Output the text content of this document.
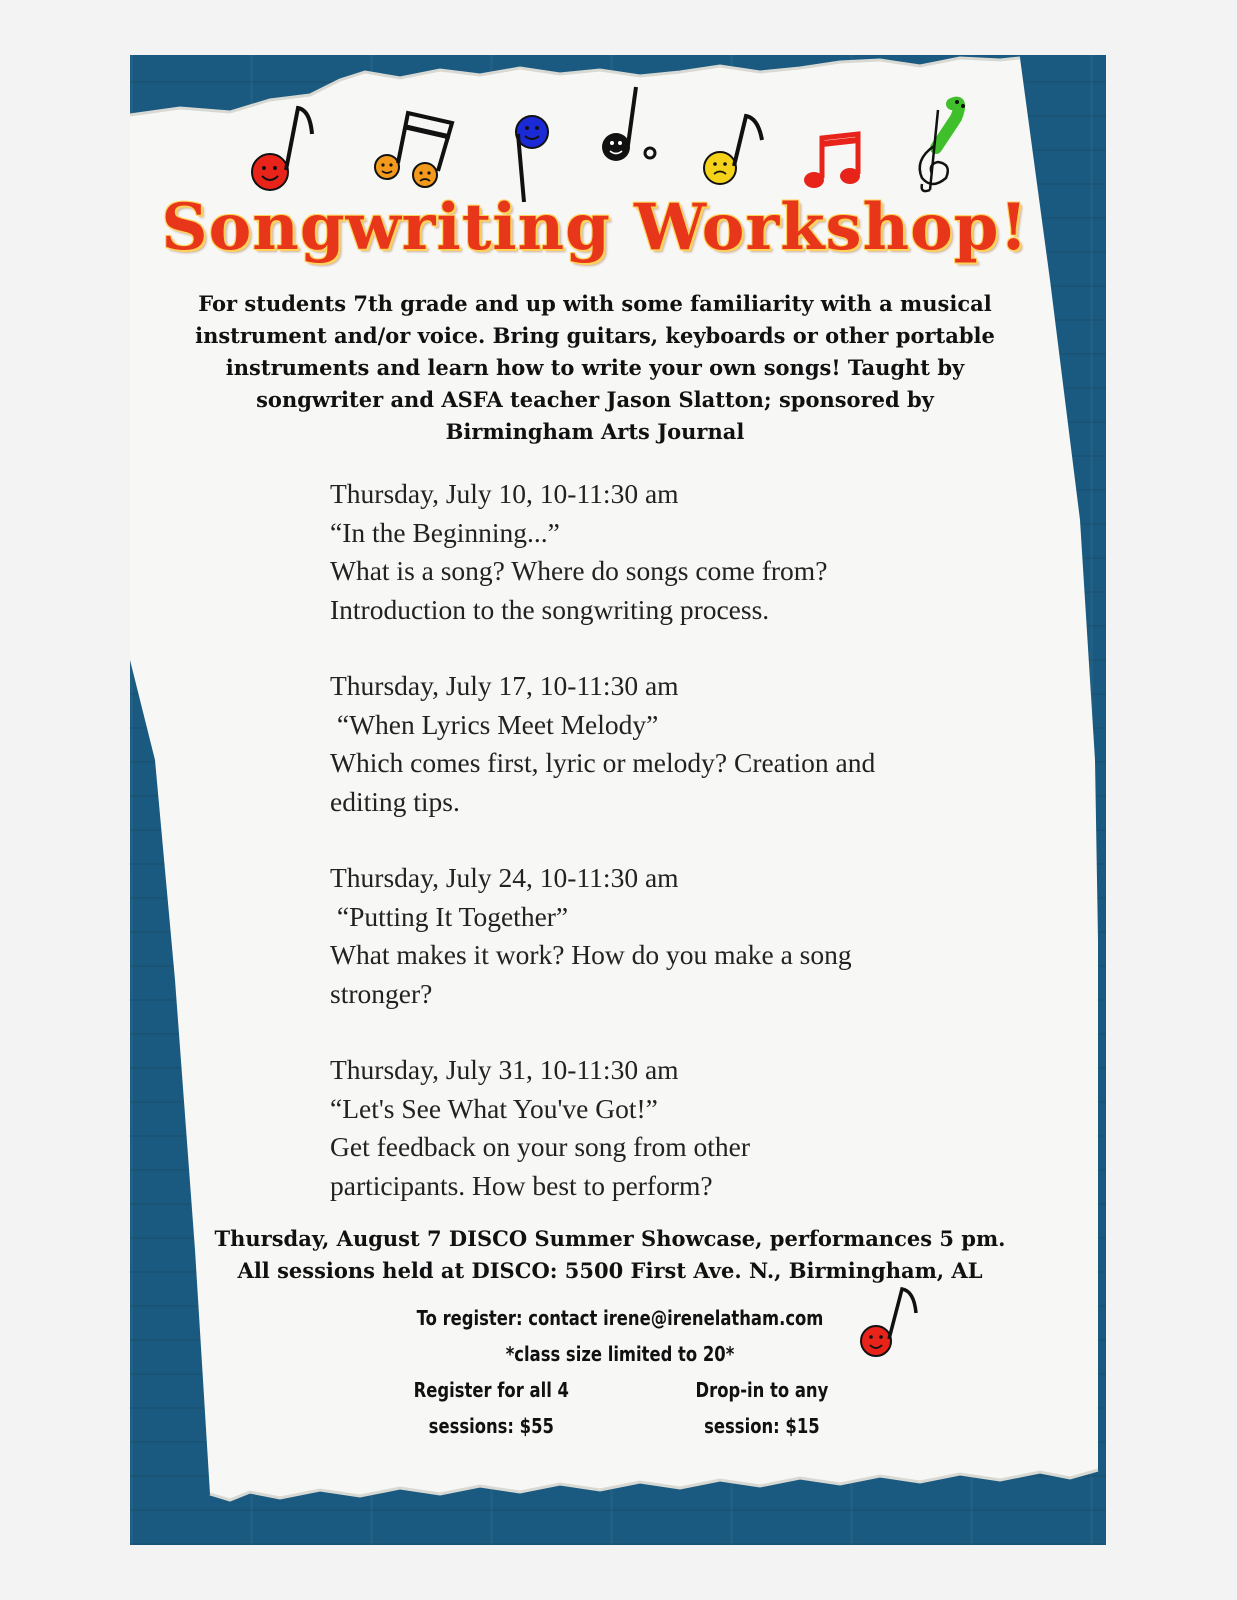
Songwriting Workshop!
For students 7th grade and up with some familiarity with a musical
instrument and/or voice. Bring guitars, keyboards or other portable
instruments and learn how to write your own songs! Taught by
songwriter and ASFA teacher Jason Slatton; sponsored by
Birmingham Arts Journal
Thursday, July 10, 10-11:30 am
“In the Beginning...”
What is a song? Where do songs come from?
Introduction to the songwriting process.
Thursday, July 17, 10-11:30 am
“When Lyrics Meet Melody”
Which comes first, lyric or melody? Creation and
editing tips.
Thursday, July 24, 10-11:30 am
“Putting It Together”
What makes it work? How do you make a song
stronger?
Thursday, July 31, 10-11:30 am
“Let's See What You've Got!”
Get feedback on your song from other
participants. How best to perform?
Thursday, August 7 DISCO Summer Showcase, performances 5 pm.
All sessions held at DISCO: 5500 First Ave. N., Birmingham, AL
To register: contact irene@irenelatham.com
*class size limited to 20*
Register for all 4 sessions: $55
Drop-in to any session: $15
